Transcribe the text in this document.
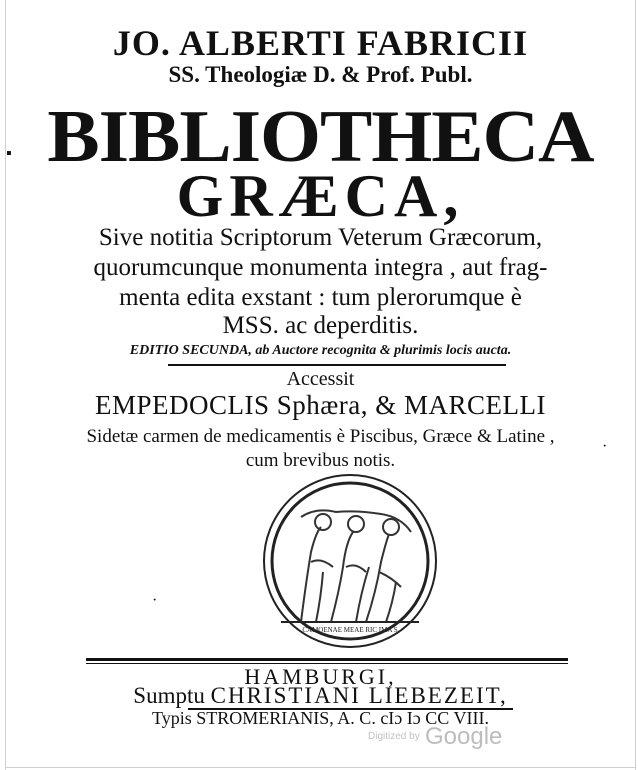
JO. ALBERTI FABRICII
SS. Theologiæ D. & Prof. Publ.
BIBLIOTHECA
GRÆCA,
Sive notitia Scriptorum Veterum Græcorum,
quorumcunque monumenta integra , aut frag-
menta edita exstant : tum plerorumque è
MSS. ac deperditis.
EDITIO SECUNDA, ab Auctore recognita & plurimis locis aucta.
Accessit
EMPEDOCLIS Sphæra, & MARCELLI
Sidetæ carmen de medicamentis è Piscibus, Græce & Latine ,
cum brevibus notis.
CAMOENAE MEAE RIC IMA S
HAMBURGI,
Sumptu CHRISTIANI LIEBEZEIT,
Typis STROMERIANIS, A. C. cIɔ Iɔ CC VIII.
▪
·
·
Digitized by Google
